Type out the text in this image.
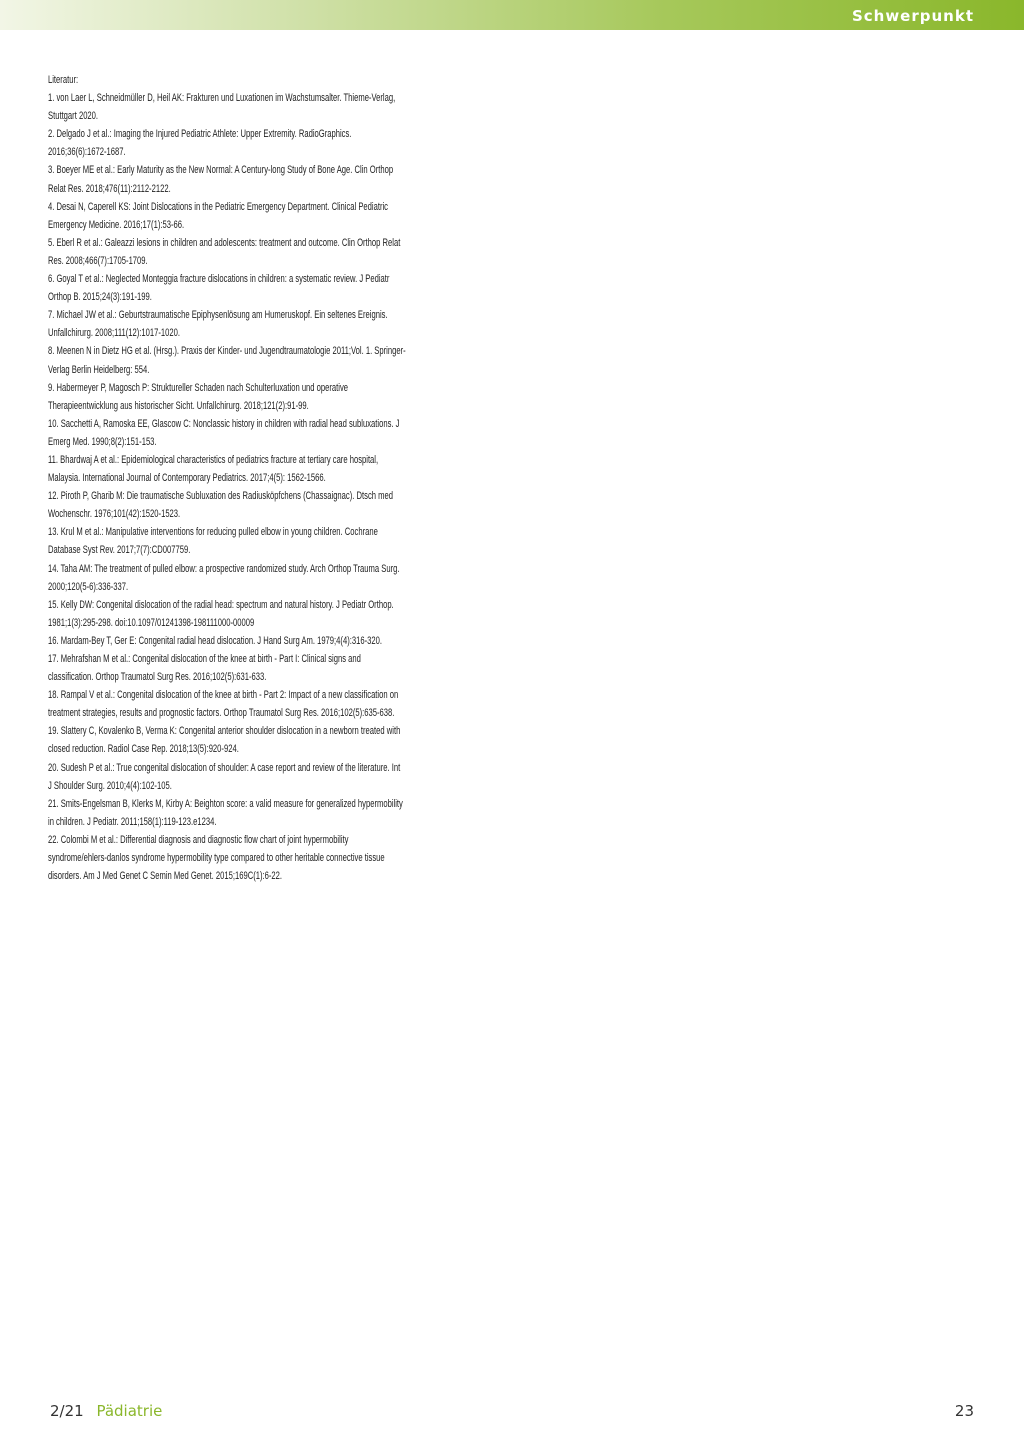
Schwerpunkt

Literatur:

1. von Laer L, Schneidmüller D, Heil AK: Frakturen und Luxationen im Wachstumsalter. Thieme-Verlag, Stuttgart 2020.

2. Delgado J et al.: Imaging the Injured Pediatric Athlete: Upper Extremity. RadioGraphics. 2016;36(6):1672-1687.

3. Boeyer ME et al.: Early Maturity as the New Normal: A Century-long Study of Bone Age. Clin Orthop Relat Res. 2018;476(11):2112-2122.

4. Desai N, Caperell KS: Joint Dislocations in the Pediatric Emergency Department. Clinical Pediatric Emergency Medicine. 2016;17(1):53-66.

5. Eberl R et al.: Galeazzi lesions in children and adolescents: treatment and outcome. Clin Orthop Relat Res. 2008;466(7):1705-1709.

6. Goyal T et al.: Neglected Monteggia fracture dislocations in children: a systematic review. J Pediatr Orthop B. 2015;24(3):191-199.

7. Michael JW et al.: Geburtstraumatische Epiphysenlösung am Humeruskopf. Ein seltenes Ereignis. Unfallchirurg. 2008;111(12):1017-1020.

8. Meenen N in Dietz HG et al. (Hrsg.). Praxis der Kinder- und Jugendtraumatologie 2011;Vol. 1. Springer-Verlag Berlin Heidelberg: 554.

9. Habermeyer P, Magosch P: Struktureller Schaden nach Schulterluxation und operative Therapieentwicklung aus historischer Sicht. Unfallchirurg. 2018;121(2):91-99.

10. Sacchetti A, Ramoska EE, Glascow C: Nonclassic history in children with radial head subluxations. J Emerg Med. 1990;8(2):151-153.

11. Bhardwaj A et al.: Epidemiological characteristics of pediatrics fracture at tertiary care hospital, Malaysia. International Journal of Contemporary Pediatrics. 2017;4(5): 1562-1566.

12. Piroth P, Gharib M: Die traumatische Subluxation des Radiusköpfchens (Chassaignac). Dtsch med Wochenschr. 1976;101(42):1520-1523.

13. Krul M et al.: Manipulative interventions for reducing pulled elbow in young children. Cochrane Database Syst Rev. 2017;7(7):CD007759.

14. Taha AM: The treatment of pulled elbow: a prospective randomized study. Arch Orthop Trauma Surg. 2000;120(5-6):336-337.

15. Kelly DW: Congenital dislocation of the radial head: spectrum and natural history. J Pediatr Orthop. 1981;1(3):295-298. doi:10.1097/01241398-198111000-00009

16. Mardam-Bey T, Ger E: Congenital radial head dislocation. J Hand Surg Am. 1979;4(4):316-320.

17. Mehrafshan M et al.: Congenital dislocation of the knee at birth - Part I: Clinical signs and classification. Orthop Traumatol Surg Res. 2016;102(5):631-633.

18. Rampal V et al.: Congenital dislocation of the knee at birth - Part 2: Impact of a new classification on treatment strategies, results and prognostic factors. Orthop Traumatol Surg Res. 2016;102(5):635-638.

19. Slattery C, Kovalenko B, Verma K: Congenital anterior shoulder dislocation in a newborn treated with closed reduction. Radiol Case Rep. 2018;13(5):920-924.

20. Sudesh P et al.: True congenital dislocation of shoulder: A case report and review of the literature. Int J Shoulder Surg. 2010;4(4):102-105.

21. Smits-Engelsman B, Klerks M, Kirby A: Beighton score: a valid measure for generalized hypermobility in children. J Pediatr. 2011;158(1):119-123.e1234.

22. Colombi M et al.: Differential diagnosis and diagnostic flow chart of joint hypermobility syndrome/ehlers-danlos syndrome hypermobility type compared to other heritable connective tissue disorders. Am J Med Genet C Semin Med Genet. 2015;169C(1):6-22.

2/21 Pädiatrie	23
